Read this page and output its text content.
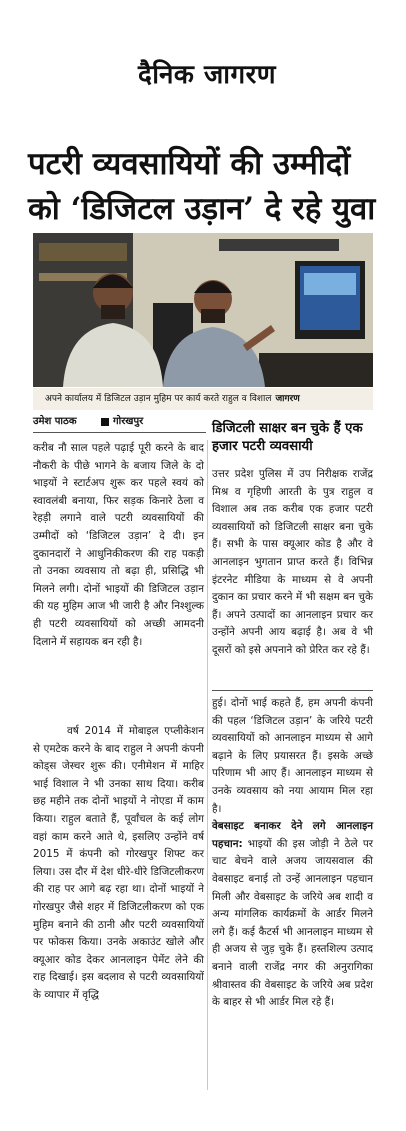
दैनिक जागरण
पटरी व्यवसायियों की उम्मीदों को ‘डिजिटल उड़ान’ दे रहे युवा
अपने कार्यालय में डिजिटल उड़ान मुहिम पर कार्य करते राहुल व विशाल जागरण
उमेश पाठक	गोरखपुर
करीब नौ साल पहले पढ़ाई पूरी करने के बाद नौकरी के पीछे भागने के बजाय जिले के दो भाइयों ने स्टार्टअप शुरू कर पहले स्वयं को स्वावलंबी बनाया, फिर सड़क किनारे ठेला व रेहड़ी लगाने वाले पटरी व्यवसायियों की उम्मीदों को ‘डिजिटल उड़ान’ दे दी। इन दुकानदारों ने आधुनिकीकरण की राह पकड़ी तो उनका व्यवसाय तो बढ़ा ही, प्रसिद्धि भी मिलने लगी। दोनों भाइयों की डिजिटल उड़ान की यह मुहिम आज भी जारी है और निश्शुल्क ही पटरी व्यवसायियों को अच्छी आमदनी दिलाने में सहायक बन रही है।
वर्ष 2014 में मोबाइल एप्लीकेशन से एमटेक करने के बाद राहुल ने अपनी कंपनी कोड्स जेस्चर शुरू की। एनीमेशन में माहिर भाई विशाल ने भी उनका साथ दिया। करीब छह महीने तक दोनों भाइयों ने नोएडा में काम किया। राहुल बताते हैं, पूर्वांचल के कई लोग वहां काम करने आते थे, इसलिए उन्होंने वर्ष 2015 में कंपनी को गोरखपुर शिफ्ट कर लिया। उस दौर में देश धीरे-धीरे डिजिटलीकरण की राह पर आगे बढ़ रहा था। दोनों भाइयों ने गोरखपुर जैसे शहर में डिजिटलीकरण को एक मुहिम बनाने की ठानी और पटरी व्यवसायियों पर फोकस किया। उनके अकाउंट खोले और क्यूआर कोड देकर आनलाइन पेमेंट लेने की राह दिखाई। इस बदलाव से पटरी व्यवसायियों के व्यापार में वृद्धि
डिजिटली साक्षर बन चुके हैं एक हजार पटरी व्यवसायी
उत्तर प्रदेश पुलिस में उप निरीक्षक राजेंद्र मिश्र व गृहिणी आरती के पुत्र राहुल व विशाल अब तक करीब एक हजार पटरी व्यवसायियों को डिजिटली साक्षर बना चुके हैं। सभी के पास क्यूआर कोड है और वे आनलाइन भुगतान प्राप्त करते हैं। विभिन्न इंटरनेट मीडिया के माध्यम से वे अपनी दुकान का प्रचार करने में भी सक्षम बन चुके हैं। अपने उत्पादों का आनलाइन प्रचार कर उन्होंने अपनी आय बढ़ाई है। अब वे भी दूसरों को इसे अपनाने को प्रेरित कर रहे हैं।

हुई। दोनों भाई कहते हैं, हम अपनी कंपनी की पहल ‘डिजिटल उड़ान’ के जरिये पटरी व्यवसायियों को आनलाइन माध्यम से आगे बढ़ाने के लिए प्रयासरत हैं। इसके अच्छे परिणाम भी आए हैं। आनलाइन माध्यम से उनके व्यवसाय को नया आयाम मिल रहा है।

वेबसाइट बनाकर देने लगे आनलाइन पहचान: भाइयों की इस जोड़ी ने ठेले पर चाट बेचने वाले अजय जायसवाल की वेबसाइट बनाई तो उन्हें आनलाइन पहचान मिली और वेबसाइट के जरिये अब शादी व अन्य मांगलिक कार्यक्रमों के आर्डर मिलने लगे हैं। कई कैटर्स भी आनलाइन माध्यम से ही अजय से जुड़ चुके हैं। हस्तशिल्प उत्पाद बनाने वाली राजेंद्र नगर की अनुरागिका श्रीवास्तव की वेबसाइट के जरिये अब प्रदेश के बाहर से भी आर्डर मिल रहे हैं।
